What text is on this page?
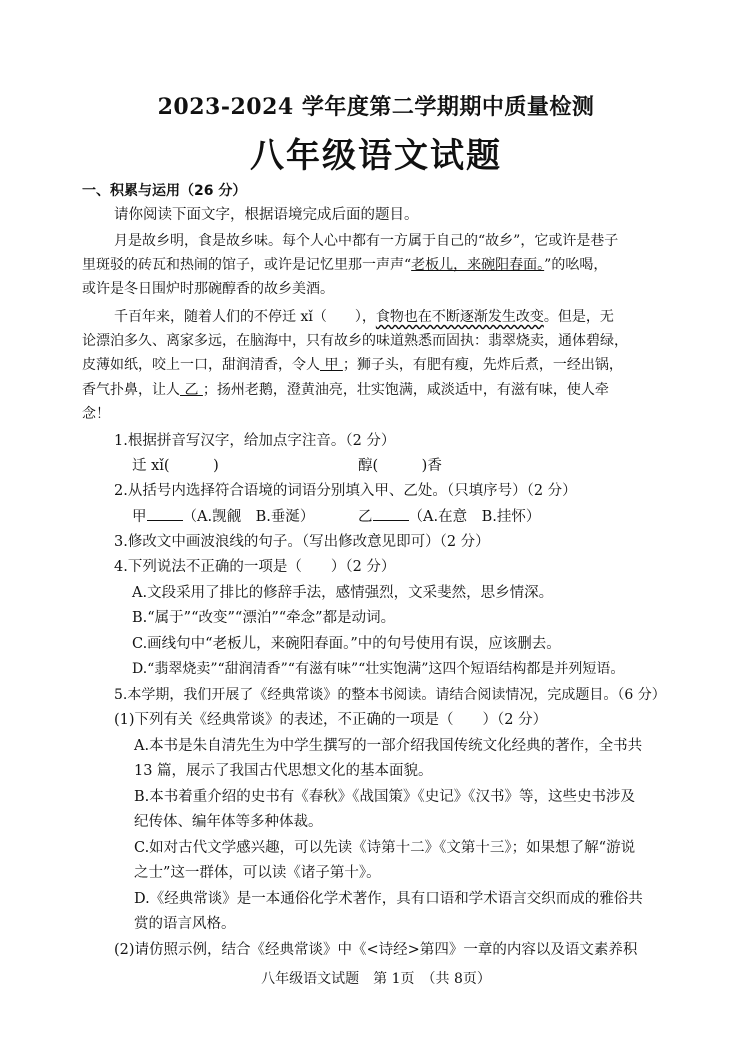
2023-2024 学年度第二学期期中质量检测
八年级语文试题
一、积累与运用（26 分）
请你阅读下面文字，根据语境完成后面的题目。
月是故乡明，食是故乡味。每个人心中都有一方属于自己的“故乡”，它或许是巷子
里斑驳的砖瓦和热闹的馆子，或许是记忆里那一声声“老板儿，来碗阳春面。”的吆喝，
或许是冬日围炉时那碗醇香的故乡美酒。
千百年来，随着人们的不停迁 xǐ（　　），食物也在不断逐渐发生改变。但是，无
论漂泊多久、离家多远，在脑海中，只有故乡的味道熟悉而固执：翡翠烧卖，通体碧绿，
皮薄如纸，咬上一口，甜润清香，令人 甲 ；狮子头，有肥有瘦，先炸后煮，一经出锅，
香气扑鼻，让人 乙 ；扬州老鹅，澄黄油亮，壮实饱满，咸淡适中，有滋有味，使人牵
念！
1.根据拼音写汉字，给加点字注音。（2 分）
迁 xǐ(　　　)	醇(　　　)香
2.从括号内选择符合语境的词语分别填入甲、乙处。（只填序号）（2 分）
甲 （A.觊觎　B.垂涎）	乙 （A.在意　B.挂怀）
3.修改文中画波浪线的句子。（写出修改意见即可）（2 分）
4.下列说法不正确的一项是（　　）（2 分）
A.文段采用了排比的修辞手法，感情强烈，文采斐然，思乡情深。
B.“属于”“改变”“漂泊”“牵念”都是动词。
C.画线句中“老板儿，来碗阳春面。”中的句号使用有误，应该删去。
D.“翡翠烧卖”“甜润清香”“有滋有味”“壮实饱满”这四个短语结构都是并列短语。
5.本学期，我们开展了《经典常谈》的整本书阅读。请结合阅读情况，完成题目。（6 分）
(1)下列有关《经典常谈》的表述，不正确的一项是（　　）（2 分）
A.本书是朱自清先生为中学生撰写的一部介绍我国传统文化经典的著作，全书共
13 篇，展示了我国古代思想文化的基本面貌。
B.本书着重介绍的史书有《春秋》《战国策》《史记》《汉书》等，这些史书涉及
纪传体、编年体等多种体裁。
C.如对古代文学感兴趣，可以先读《诗第十二》《文第十三》；如果想了解“游说
之士”这一群体，可以读《诸子第十》。
D.《经典常谈》是一本通俗化学术著作，具有口语和学术语言交织而成的雅俗共
赏的语言风格。
(2)请仿照示例，结合《经典常谈》中《<诗经>第四》一章的内容以及语文素养积
八年级语文试题　第 1页　（共 8页）
